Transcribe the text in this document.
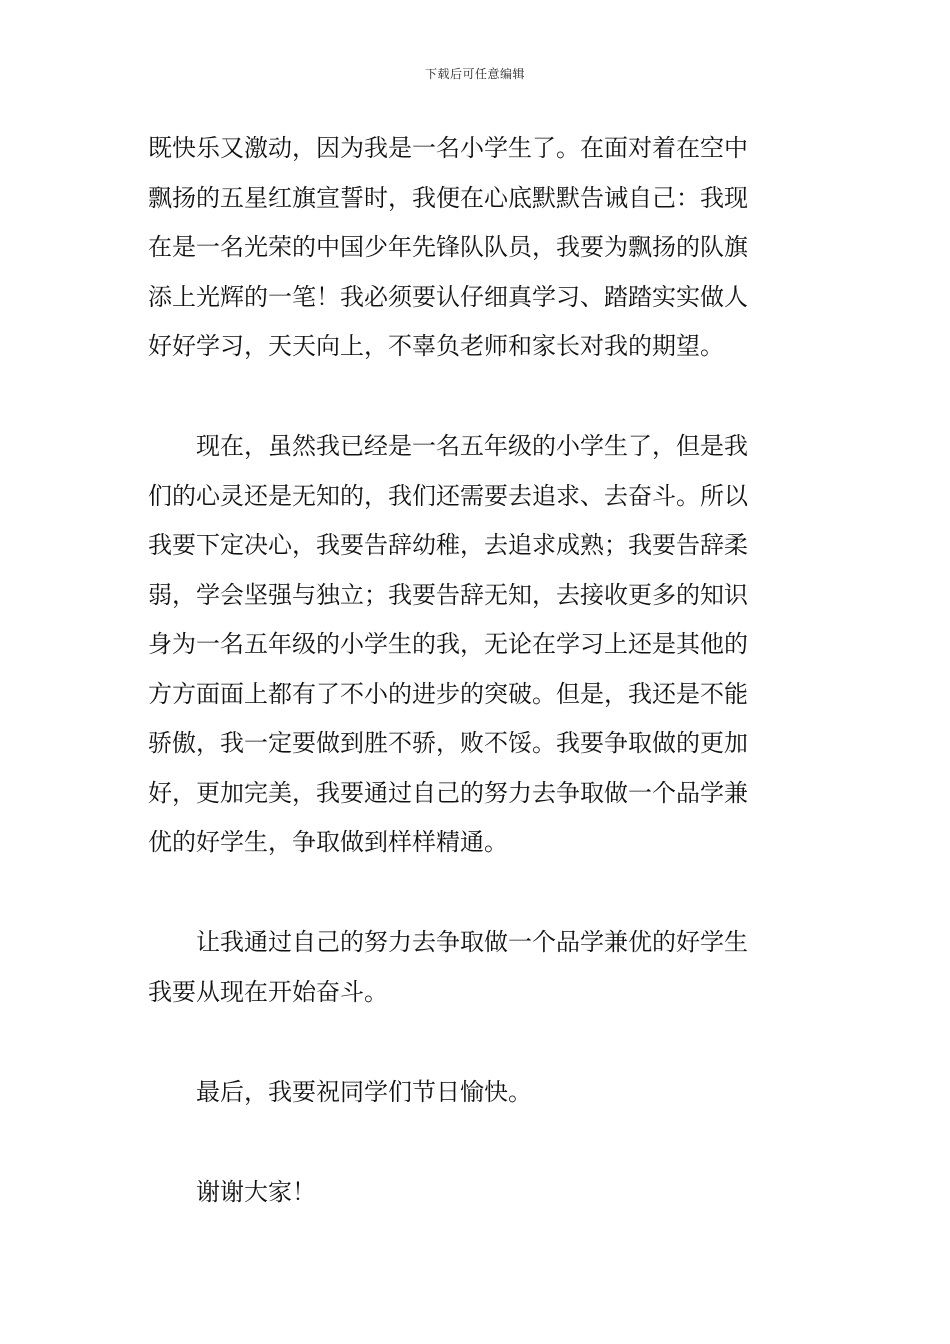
下载后可任意编辑
既快乐又激动，因为我是一名小学生了。在面对着在空中
飘扬的五星红旗宣誓时，我便在心底默默告诫自己：我现
在是一名光荣的中国少年先锋队队员，我要为飘扬的队旗
添上光辉的一笔！我必须要认仔细真学习、踏踏实实做人
好好学习，天天向上，不辜负老师和家长对我的期望。
　　现在，虽然我已经是一名五年级的小学生了，但是我
们的心灵还是无知的，我们还需要去追求、去奋斗。所以
我要下定决心，我要告辞幼稚，去追求成熟；我要告辞柔
弱，学会坚强与独立；我要告辞无知，去接收更多的知识
身为一名五年级的小学生的我，无论在学习上还是其他的
方方面面上都有了不小的进步的突破。但是，我还是不能
骄傲，我一定要做到胜不骄，败不馁。我要争取做的更加
好，更加完美，我要通过自己的努力去争取做一个品学兼
优的好学生，争取做到样样精通。
　　让我通过自己的努力去争取做一个品学兼优的好学生
我要从现在开始奋斗。
　　最后，我要祝同学们节日愉快。
　　谢谢大家！
